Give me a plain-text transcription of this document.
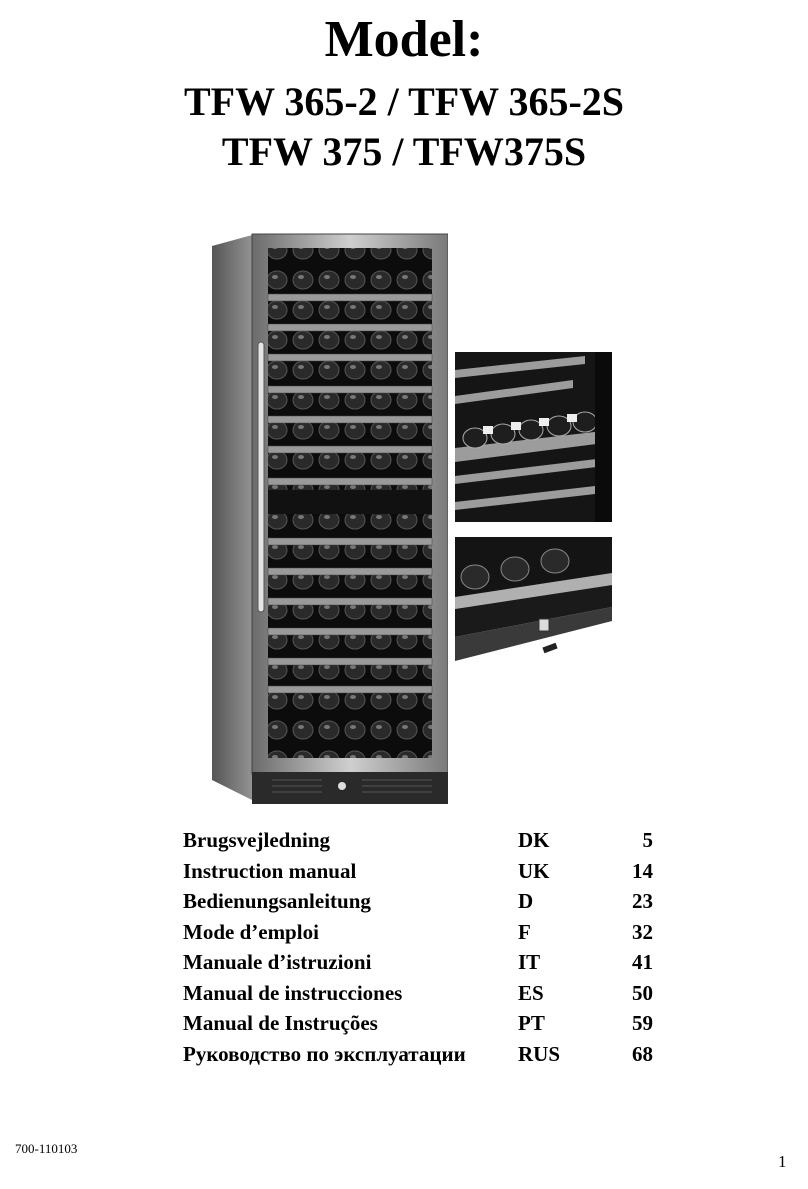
Model:
TFW 365-2 / TFW 365-2S
TFW 375 / TFW375S
Brugsvejledning	DK	5
Instruction manual	UK	14
Bedienungsanleitung	D	23
Mode d’emploi	F	32
Manuale d’istruzioni	IT	41
Manual de instrucciones	ES	50
Manual de Instruções	PT	59
Руководство по эксплуатации	RUS	68
700-110103
1
